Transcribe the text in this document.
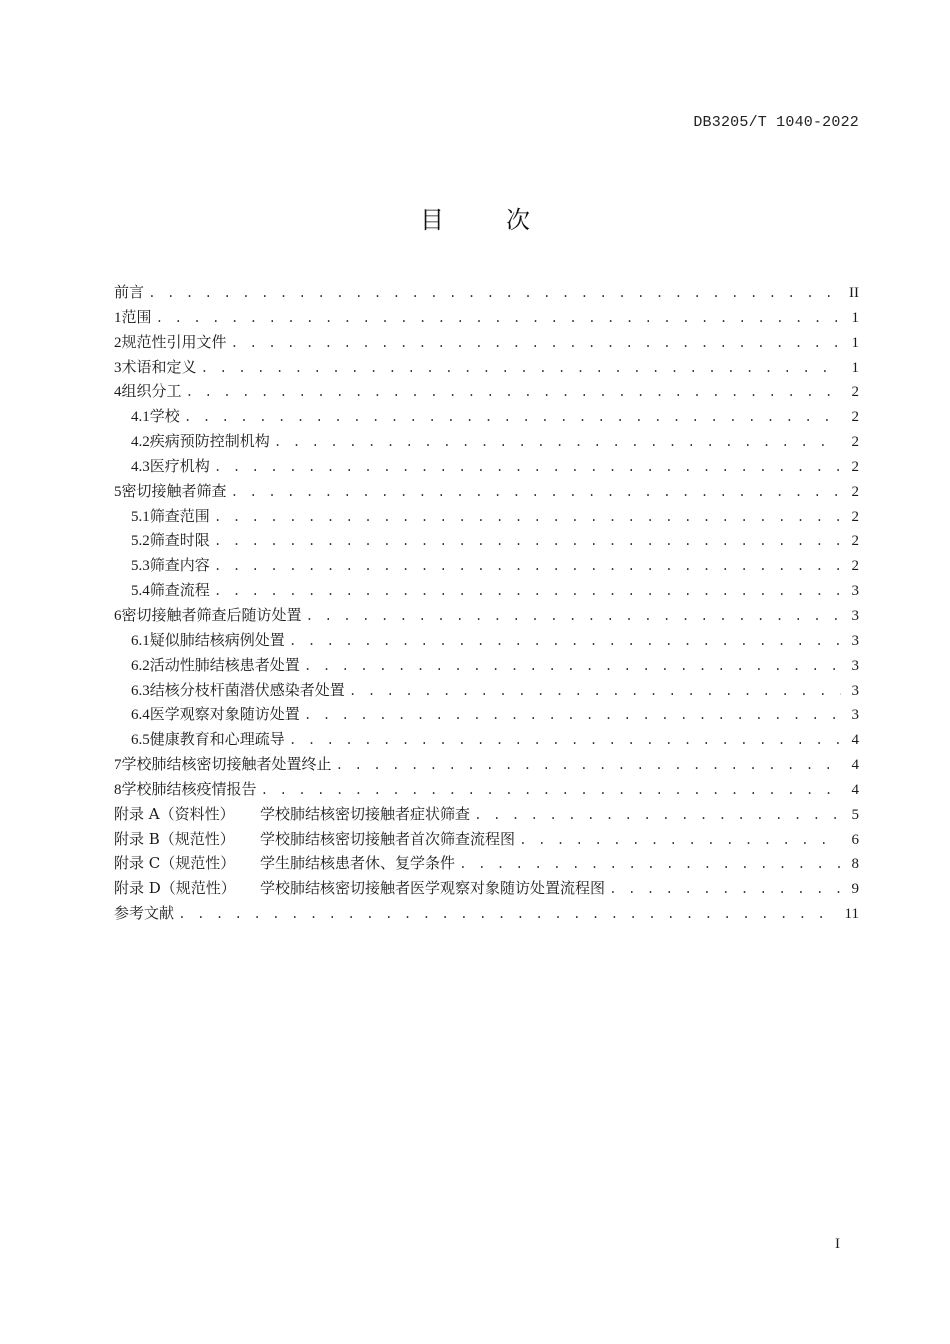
DB3205/T 1040-2022
目次
前言 . . .	II
1 范围 . . .	1
2 规范性引用文件 . . .	1
3 术语和定义 . . .	1
4 组织分工 . . .	2
4.1 学校 . . .	2
4.2 疾病预防控制机构 . . .	2
4.3 医疗机构 . . .	2
5 密切接触者筛查 . . .	2
5.1 筛查范围 . . .	2
5.2 筛查时限 . . .	2
5.3 筛查内容 . . .	2
5.4 筛查流程 . . .	3
6 密切接触者筛查后随访处置 . . .	3
6.1 疑似肺结核病例处置 . . .	3
6.2 活动性肺结核患者处置 . . .	3
6.3 结核分枝杆菌潜伏感染者处置 . . .	3
6.4 医学观察对象随访处置 . . .	3
6.5 健康教育和心理疏导 . . .	4
7 学校肺结核密切接触者处置终止 . . .	4
8 学校肺结核疫情报告 . . .	4
附录 A（资料性）	学校肺结核密切接触者症状筛查 . . .	5
附录 B（规范性）	学校肺结核密切接触者首次筛查流程图 . . .	6
附录 C（规范性）	学生肺结核患者休、复学条件 . . .	8
附录 D（规范性）	学校肺结核密切接触者医学观察对象随访处置流程图 . . .	9
参考文献 . . .	11
I
